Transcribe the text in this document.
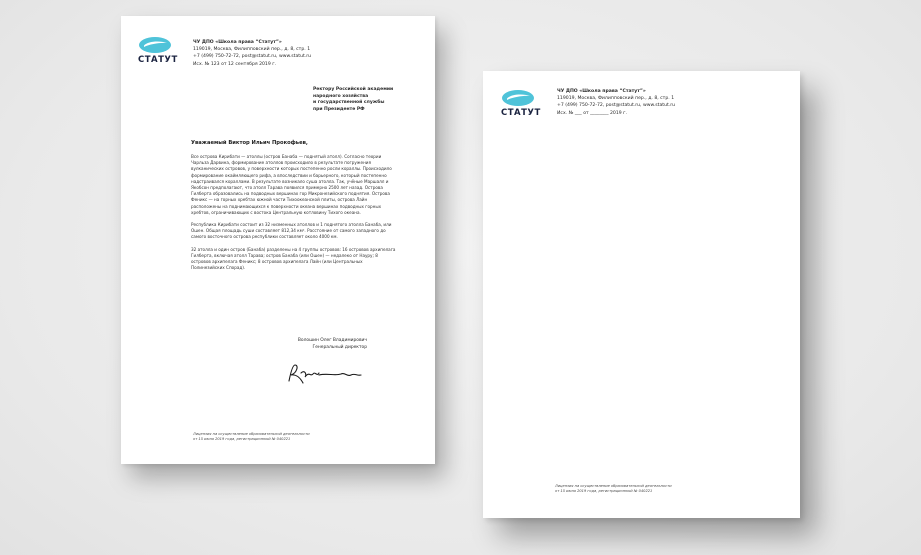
СТАТУТ
ЧУ ДПО «Школа права “Статут”»
119019, Москва, Филипповский пер., д. 8, стр. 1
+7 (499) 750-72-72, post@statut.ru, www.statut.ru
Исх. № 123 от 12 сентября 2019 г.
Ректору Российской академии
народного хозяйства
и государственной службы
при Президенте РФ
Уважаемый Виктор Ильич Прокофьев,

Все острова Кирибати — атоллы (остров Банаба — поднятый атолл). Согласно теории Чарльза Дарвина, формирование атоллов происходило в результате погружения вулканических островов, у поверхности которых постепенно росли кораллы. Происходило формирование окаймляющего рифа, а впоследствии и барьерного, который постепенно надстраивался кораллами. В результате возникало суша атолла. Так, учёные Маршалл и Якобсон предполагают, что атолл Тарава появился примерно 2500 лет назад. Острова Гилберта образовались на подводных вершинах гор Микронезийского поднятия. Острова Феникс — на горных хребтах южной части Тихоокеанской плиты, острова Лайн расположены на поднимающихся к поверхности океана вершинах подводных горных хребтов, ограничивающих с востока Центральную котловину Тихого океана.

Республика Кирибати состоит из 32 низменных атоллов и 1 поднятого атолла Банаба, или Ошен. Общая площадь суши составляет 812,34 км². Расстояние от самого западного до самого восточного острова республики составляет около 4000 км.

32 атолла и один остров (Банаба) разделены на 4 группы островов: 16 островов архипелага Гилберта, включая атолл Тарава; остров Банаба (или Ошен) — недалеко от Науру; 8 островов архипелага Феникс; 8 островов архипелага Лайн (или Центральных Полинезийских Спорад).

Волошин Олег Владимирович
Генеральный директор
Лицензия на осуществление образовательной деятельности
от 15 июля 2019 года, регистрационный № 040221
СТАТУТ
ЧУ ДПО «Школа права “Статут”»
119019, Москва, Филипповский пер., д. 8, стр. 1
+7 (499) 750-72-72, post@statut.ru, www.statut.ru
Исх. № ___ от ________ 2019 г.
Лицензия на осуществление образовательной деятельности
от 15 июля 2019 года, регистрационный № 040221
